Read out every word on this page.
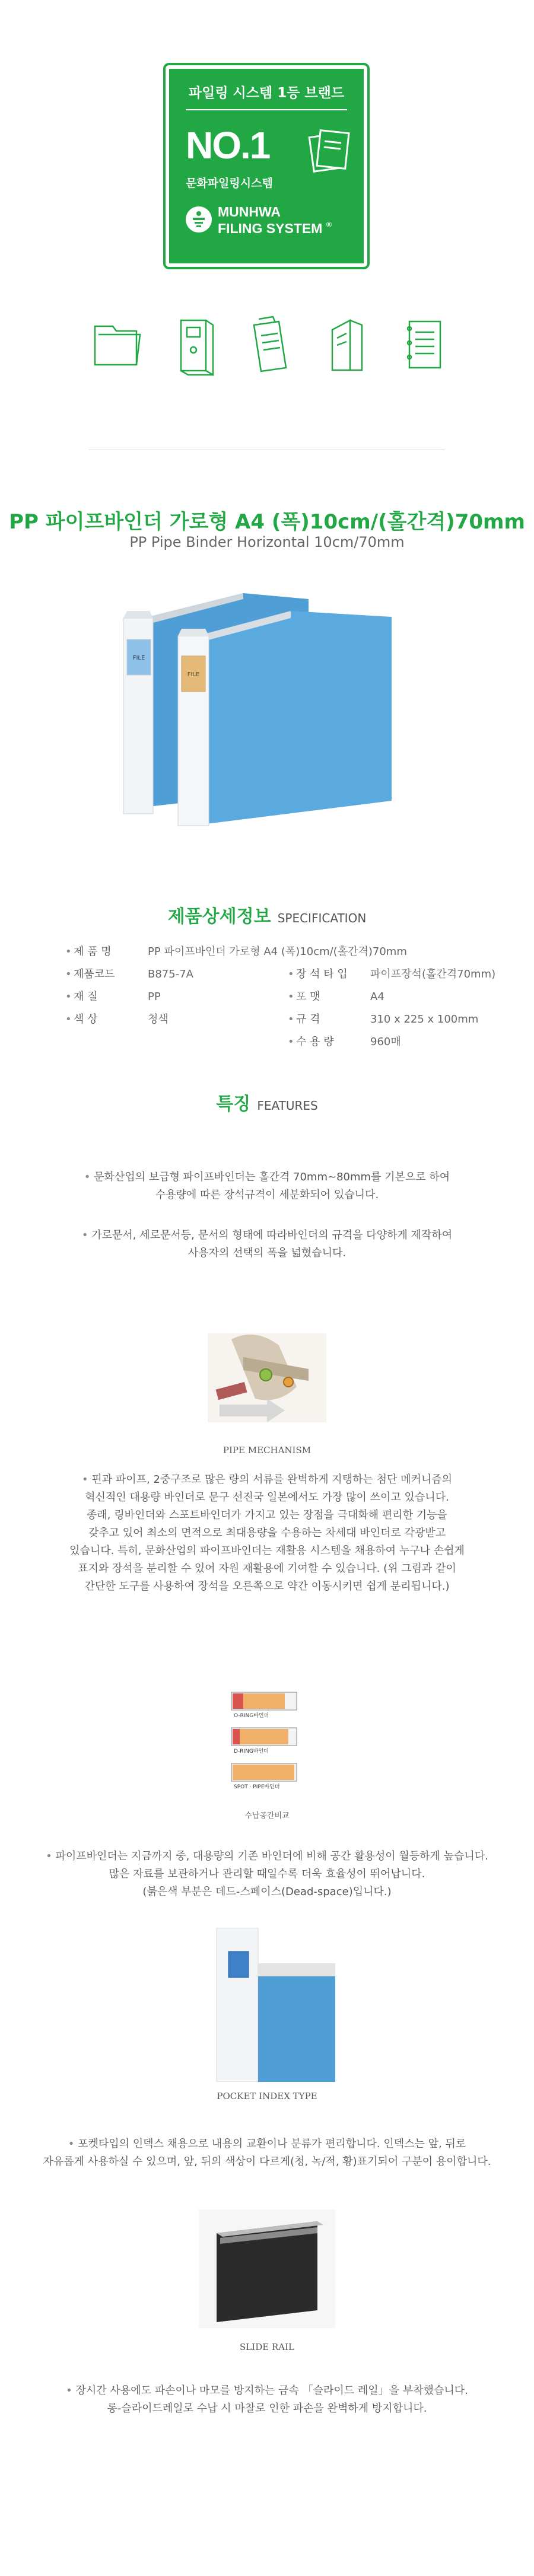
파일링 시스템 1등 브랜드
NO.1
문화파일링시스템
MUNHWA
FILING SYSTEM ®
PP 파이프바인더 가로형 A4 (폭)10cm/(홀간격)70mm
PP Pipe Binder Horizontal 10cm/70mm
FILE
FILE
제품상세정보 SPECIFICATION
• 제 품 명	PP 파이프바인더 가로형 A4 (폭)10cm/(홀간격)70mm
• 제품코드	B875-7A
• 재 질	PP
• 색 상	청색
• 장 석 타 입 파이프장석(홀간격70mm)
• 포 맷	A4
• 규 격	310 x 225 x 100mm
• 수 용 량	960매
특징 FEATURES
• 문화산업의 보급형 파이프바인더는 홀간격 70mm~80mm를 기본으로 하여
수용량에 따른 장석규격이 세분화되어 있습니다.
• 가로문서, 세로문서등, 문서의 형태에 따라바인더의 규격을 다양하게 제작하여
사용자의 선택의 폭을 넓혔습니다.
PIPE MECHANISM
• 핀과 파이프, 2중구조로 많은 량의 서류를 완벽하게 지탱하는 첨단 메커니즘의
혁신적인 대용량 바인더로 문구 선진국 일본에서도 가장 많이 쓰이고 있습니다.
종래, 링바인더와 스포트바인더가 가지고 있는 장점을 극대화해 편리한 기능을
갖추고 있어 최소의 면적으로 최대용량을 수용하는 차세대 바인더로 각광받고
있습니다. 특히, 문화산업의 파이프바인더는 재활용 시스템을 채용하여 누구나 손쉽게
표지와 장석을 분리할 수 있어 자원 재활용에 기여할 수 있습니다. (위 그림과 같이
간단한 도구를 사용하여 장석을 오른쪽으로 약간 이동시키면 쉽게 분리됩니다.)
O-RING바인더
D-RING바인더
SPOT · PIPE바인더
수납공간비교
• 파이프바인더는 지금까지 중, 대용량의 기존 바인더에 비해 공간 활용성이 월등하게 높습니다.
많은 자료를 보관하거나 관리할 때일수록 더욱 효율성이 뛰어납니다.
(붉은색 부분은 데드-스페이스(Dead-space)입니다.)
POCKET INDEX TYPE
• 포켓타입의 인덱스 채용으로 내용의 교환이나 분류가 편리합니다. 인덱스는 앞, 뒤로
자유롭게 사용하실 수 있으며, 앞, 뒤의 색상이 다르게(청, 녹/적, 황)표기되어 구분이 용이합니다.
SLIDE RAIL
• 장시간 사용에도 파손이나 마모를 방지하는 금속 「슬라이드 레일」을 부착했습니다.
롱-슬라이드레일로 수납 시 마찰로 인한 파손을 완벽하게 방지합니다.
